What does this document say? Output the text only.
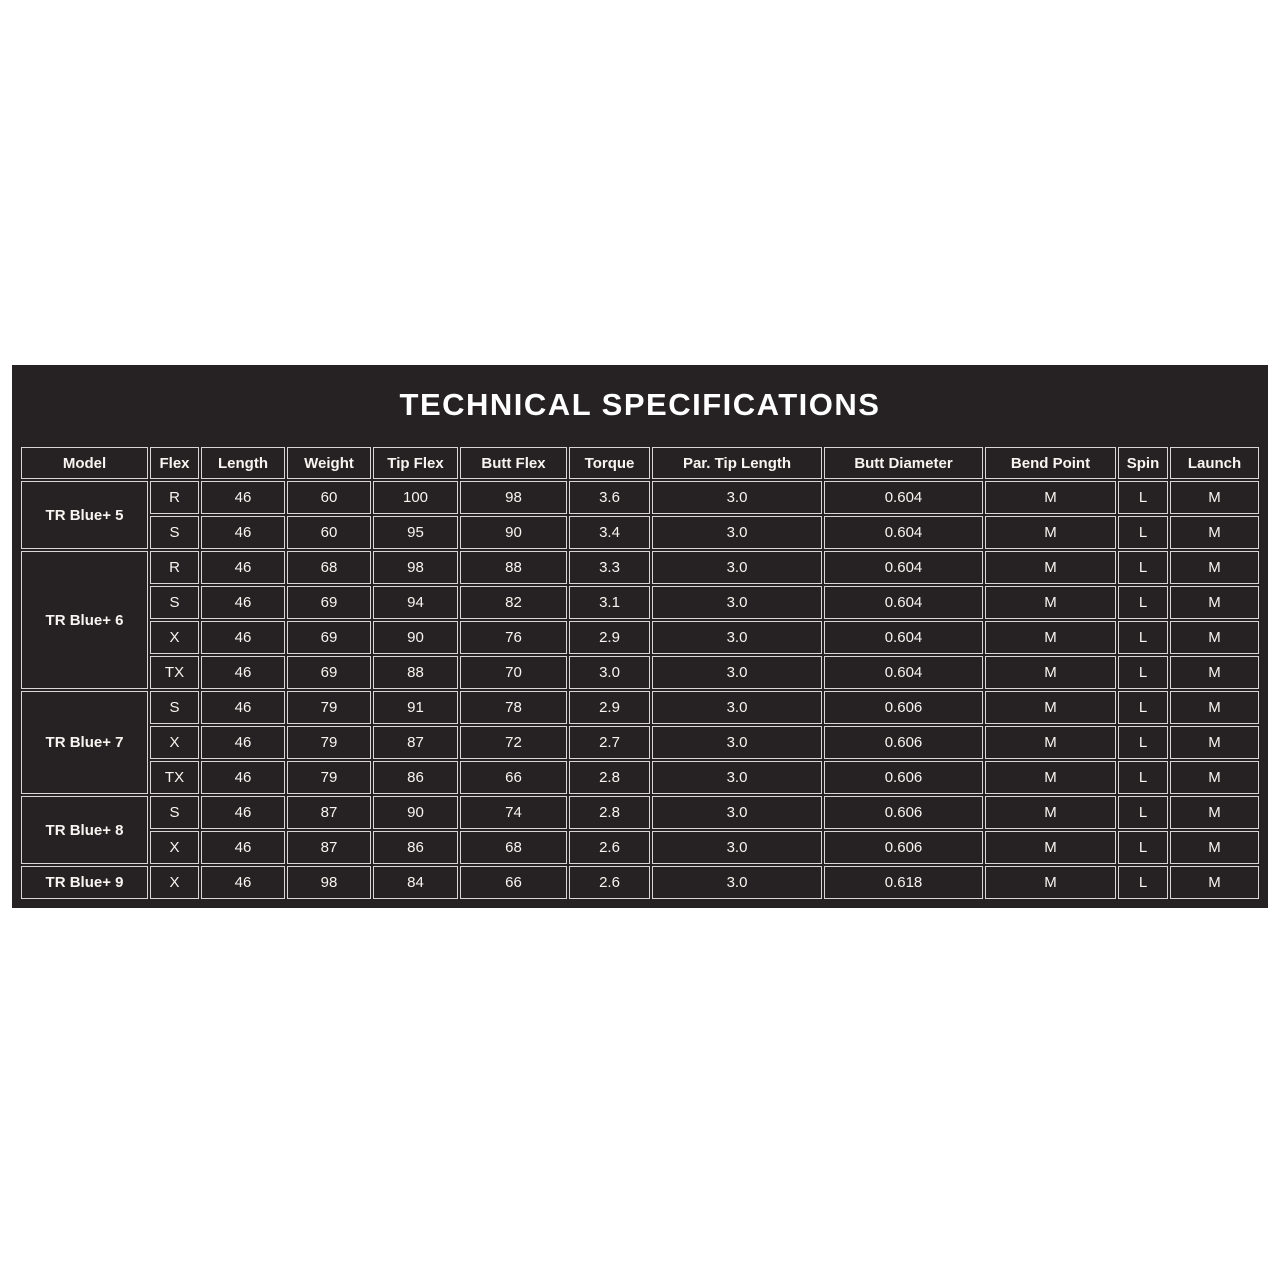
TECHNICAL SPECIFICATIONS
Model	Flex	Length	Weight	Tip Flex	Butt Flex	Torque	Par. Tip Length	Butt Diameter	Bend Point	Spin	Launch
TR Blue+ 5	R	46	60	100	98	3.6	3.0	0.604	M	L	M
	S	46	60	95	90	3.4	3.0	0.604	M	L	M
TR Blue+ 6	R	46	68	98	88	3.3	3.0	0.604	M	L	M
	S	46	69	94	82	3.1	3.0	0.604	M	L	M
	X	46	69	90	76	2.9	3.0	0.604	M	L	M
	TX	46	69	88	70	3.0	3.0	0.604	M	L	M
TR Blue+ 7	S	46	79	91	78	2.9	3.0	0.606	M	L	M
	X	46	79	87	72	2.7	3.0	0.606	M	L	M
	TX	46	79	86	66	2.8	3.0	0.606	M	L	M
TR Blue+ 8	S	46	87	90	74	2.8	3.0	0.606	M	L	M
	X	46	87	86	68	2.6	3.0	0.606	M	L	M
TR Blue+ 9	X	46	98	84	66	2.6	3.0	0.618	M	L	M
